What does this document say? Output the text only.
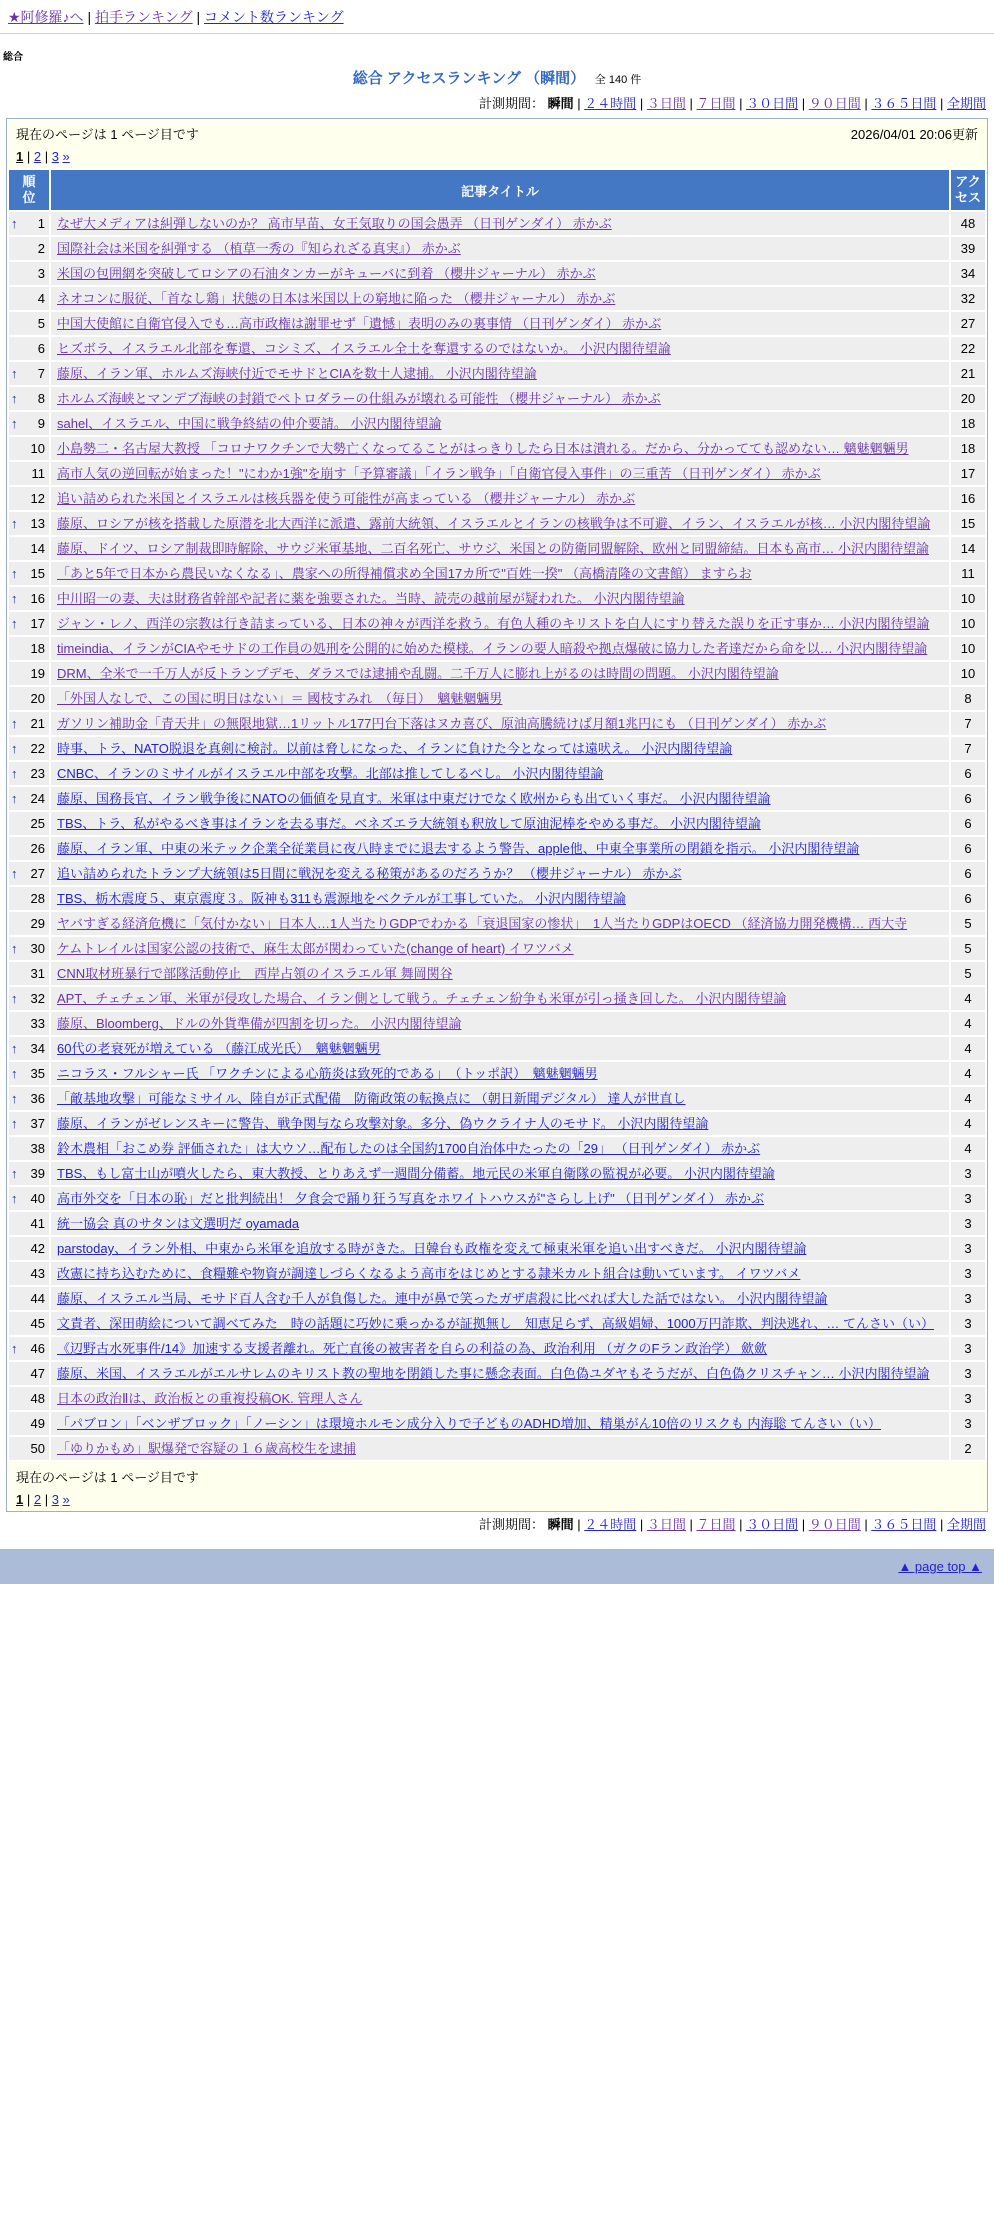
★阿修羅♪へ | 拍手ランキング | コメント数ランキング
総合
総合 アクセスランキング （瞬間） 全 140 件
計測期間： 瞬間 | ２４時間 | ３日間 | ７日間 | ３０日間 | ９０日間 | ３６５日間 | 全期間
現在のページは 1 ページ目です	2026/04/01 20:06更新
1 | 2 | 3 »
順位	記事タイトル	アクセス

↑ 1	なぜ大メディアは糾弾しないのか？ 高市早苗、女王気取りの国会愚弄 （日刊ゲンダイ） 赤かぶ	48
2	国際社会は米国を糾弾する （植草一秀の『知られざる真実』） 赤かぶ	39
3	米国の包囲網を突破してロシアの石油タンカーがキューバに到着 （櫻井ジャーナル） 赤かぶ	34
4	ネオコンに服従、「首なし鶏」状態の日本は米国以上の窮地に陥った （櫻井ジャーナル） 赤かぶ	32
5	中国大使館に自衛官侵入でも…高市政権は謝罪せず「遺憾」表明のみの裏事情 （日刊ゲンダイ） 赤かぶ	27
6	ヒズボラ、イスラエル北部を奪還、コシミズ、イスラエル全土を奪還するのではないか。 小沢内閣待望論	22

↑ 7	藤原、イラン軍、ホルムズ海峡付近でモサドとCIAを数十人逮捕。 小沢内閣待望論	21

↑ 8	ホルムズ海峡とマンデブ海峡の封鎖でペトロダラーの仕組みが壊れる可能性 （櫻井ジャーナル） 赤かぶ	20

↑ 9	sahel、イスラエル、中国に戦争終結の仲介要請。 小沢内閣待望論	18
10	小島勢二・名古屋大教授 「コロナワクチンで大勢亡くなってることがはっきりしたら日本は潰れる。だから、分かってても認めない… 魑魅魍魎男	18
11	高市人気の逆回転が始まった！"にわか1強"を崩す「予算審議」「イラン戦争」「自衛官侵入事件」の三重苦 （日刊ゲンダイ） 赤かぶ	17
12	追い詰められた米国とイスラエルは核兵器を使う可能性が高まっている （櫻井ジャーナル） 赤かぶ	16

↑ 13	藤原、ロシアが核を搭載した原潜を北大西洋に派遣、露前大統領、イスラエルとイランの核戦争は不可避、イラン、イスラエルが核… 小沢内閣待望論	15
14	藤原、ドイツ、ロシア制裁即時解除、サウジ米軍基地、二百名死亡、サウジ、米国との防衛同盟解除、欧州と同盟締結。日本も高市… 小沢内閣待望論	14

↑ 15	「あと5年で日本から農民いなくなる」、農家への所得補償求め全国17カ所で"百姓一揆" （高橋清隆の文書館） ますらお	11

↑ 16	中川昭一の妻、夫は財務省幹部や記者に薬を強要された。当時、読売の越前屋が疑われた。 小沢内閣待望論	10

↑ 17	ジャン・レノ、西洋の宗教は行き詰まっている、日本の神々が西洋を救う。有色人種のキリストを白人にすり替えた誤りを正す事か… 小沢内閣待望論	10
18	timeindia、イランがCIAやモサドの工作員の処刑を公開的に始めた模様。イランの要人暗殺や拠点爆破に協力した者達だから命を以… 小沢内閣待望論	10
19	DRM、全米で一千万人が反トランプデモ、ダラスでは逮捕や乱闘。二千万人に膨れ上がるのは時間の問題。 小沢内閣待望論	10
20	「外国人なしで、この国に明日はない」＝ 國枝すみれ　（毎日）　魑魅魍魎男	8

↑ 21	ガソリン補助金「青天井」の無限地獄…1リットル177円台下落はヌカ喜び、原油高騰続けば月額1兆円にも （日刊ゲンダイ） 赤かぶ	7

↑ 22	時事、トラ、NATO脱退を真剣に検討。以前は脅しになった、イランに負けた今となっては遠吠え。 小沢内閣待望論	7

↑ 23	CNBC、イランのミサイルがイスラエル中部を攻撃。北部は推してしるべし。 小沢内閣待望論	6

↑ 24	藤原、国務長官、イラン戦争後にNATOの価値を見直す。米軍は中東だけでなく欧州からも出ていく事だ。 小沢内閣待望論	6
25	TBS、トラ、私がやるべき事はイランを去る事だ。ベネズエラ大統領も釈放して原油泥棒をやめる事だ。 小沢内閣待望論	6
26	藤原、イラン軍、中東の米テック企業全従業員に夜八時までに退去するよう警告、apple他、中東全事業所の閉鎖を指示。 小沢内閣待望論	6

↑ 27	追い詰められたトランプ大統領は5日間に戦況を変える秘策があるのだろうか？ （櫻井ジャーナル） 赤かぶ	6
28	TBS、栃木震度５、東京震度３。阪神も311も震源地をベクテルが工事していた。 小沢内閣待望論	6
29	ヤバすぎる経済危機に「気付かない」日本人…1人当たりGDPでわかる「衰退国家の惨状」　1人当たりGDPはOECD （経済協力開発機構… 西大寺	5

↑ 30	ケムトレイルは国家公認の技術で、麻生太郎が関わっていた(change of heart) イワツバメ	5
31	CNN取材班暴行で部隊活動停止　西岸占領のイスラエル軍 舞岡関谷	5

↑ 32	APT、チェチェン軍、米軍が侵攻した場合、イラン側として戦う。チェチェン紛争も米軍が引っ掻き回した。 小沢内閣待望論	4
33	藤原、Bloomberg、ドルの外貨準備が四割を切った。 小沢内閣待望論	4

↑ 34	60代の老衰死が増えている （藤江成光氏）　魑魅魍魎男	4

↑ 35	ニコラス・フルシャー氏 「ワクチンによる心筋炎は致死的である」　（トッポ訳）　魑魅魍魎男	4

↑ 36	「敵基地攻撃」可能なミサイル、陸自が正式配備　防衛政策の転換点に （朝日新聞デジタル） 達人が世直し	4

↑ 37	藤原、イランがゼレンスキーに警告、戦争関与なら攻撃対象。多分、偽ウクライナ人のモサド。 小沢内閣待望論	4
38	鈴木農相「おこめ券 評価された」は大ウソ…配布したのは全国約1700自治体中たったの「29」 （日刊ゲンダイ） 赤かぶ	4

↑ 39	TBS、もし富士山が噴火したら、東大教授、とりあえず一週間分備蓄。地元民の米軍自衛隊の監視が必要。 小沢内閣待望論	3

↑ 40	高市外交を「日本の恥」だと批判続出！ 夕食会で踊り狂う写真をホワイトハウスが"さらし上げ" （日刊ゲンダイ） 赤かぶ	3
41	統一協会 真のサタンは文選明だ oyamada	3
42	parstoday、イラン外相、中東から米軍を追放する時がきた。日韓台も政権を変えて極東米軍を追い出すべきだ。 小沢内閣待望論	3
43	改憲に持ち込むために、食糧難や物資が調達しづらくなるよう高市をはじめとする隷米カルト組合は動いています。 イワツバメ	3
44	藤原、イスラエル当局、モサド百人含む千人が負傷した。連中が鼻で笑ったガザ虐殺に比べれば大した話ではない。 小沢内閣待望論	3
45	文責者、深田萌絵について調べてみた　時の話題に巧妙に乗っかるが証拠無し　知恵足らず、高級娼婦、1000万円詐欺、判決逃れ、… てんさい（い）	3

↑ 46	《辺野古水死事件/14》加速する支援者離れ。死亡直後の被害者を自らの利益の為、政治利用 （ガクのFラン政治学） 歛歛	3
47	藤原、米国、イスラエルがエルサレムのキリスト教の聖地を閉鎖した事に懸念表面。白色偽ユダヤもそうだが、白色偽クリスチャン… 小沢内閣待望論	3
48	日本の政治Ⅱは、政治板との重複投稿OK. 管理人さん	3
49	「パブロン」「ベンザブロック」「ノーシン」は環境ホルモン成分入りで子どものADHD増加、精巣がん10倍のリスクも 内海聡 てんさい（い）	3
50	「ゆりかもめ」駅爆発で容疑の１６歳高校生を逮捕	2
現在のページは 1 ページ目です
1 | 2 | 3 »
計測期間： 瞬間 | ２４時間 | ３日間 | ７日間 | ３０日間 | ９０日間 | ３６５日間 | 全期間
▲ page top ▲
